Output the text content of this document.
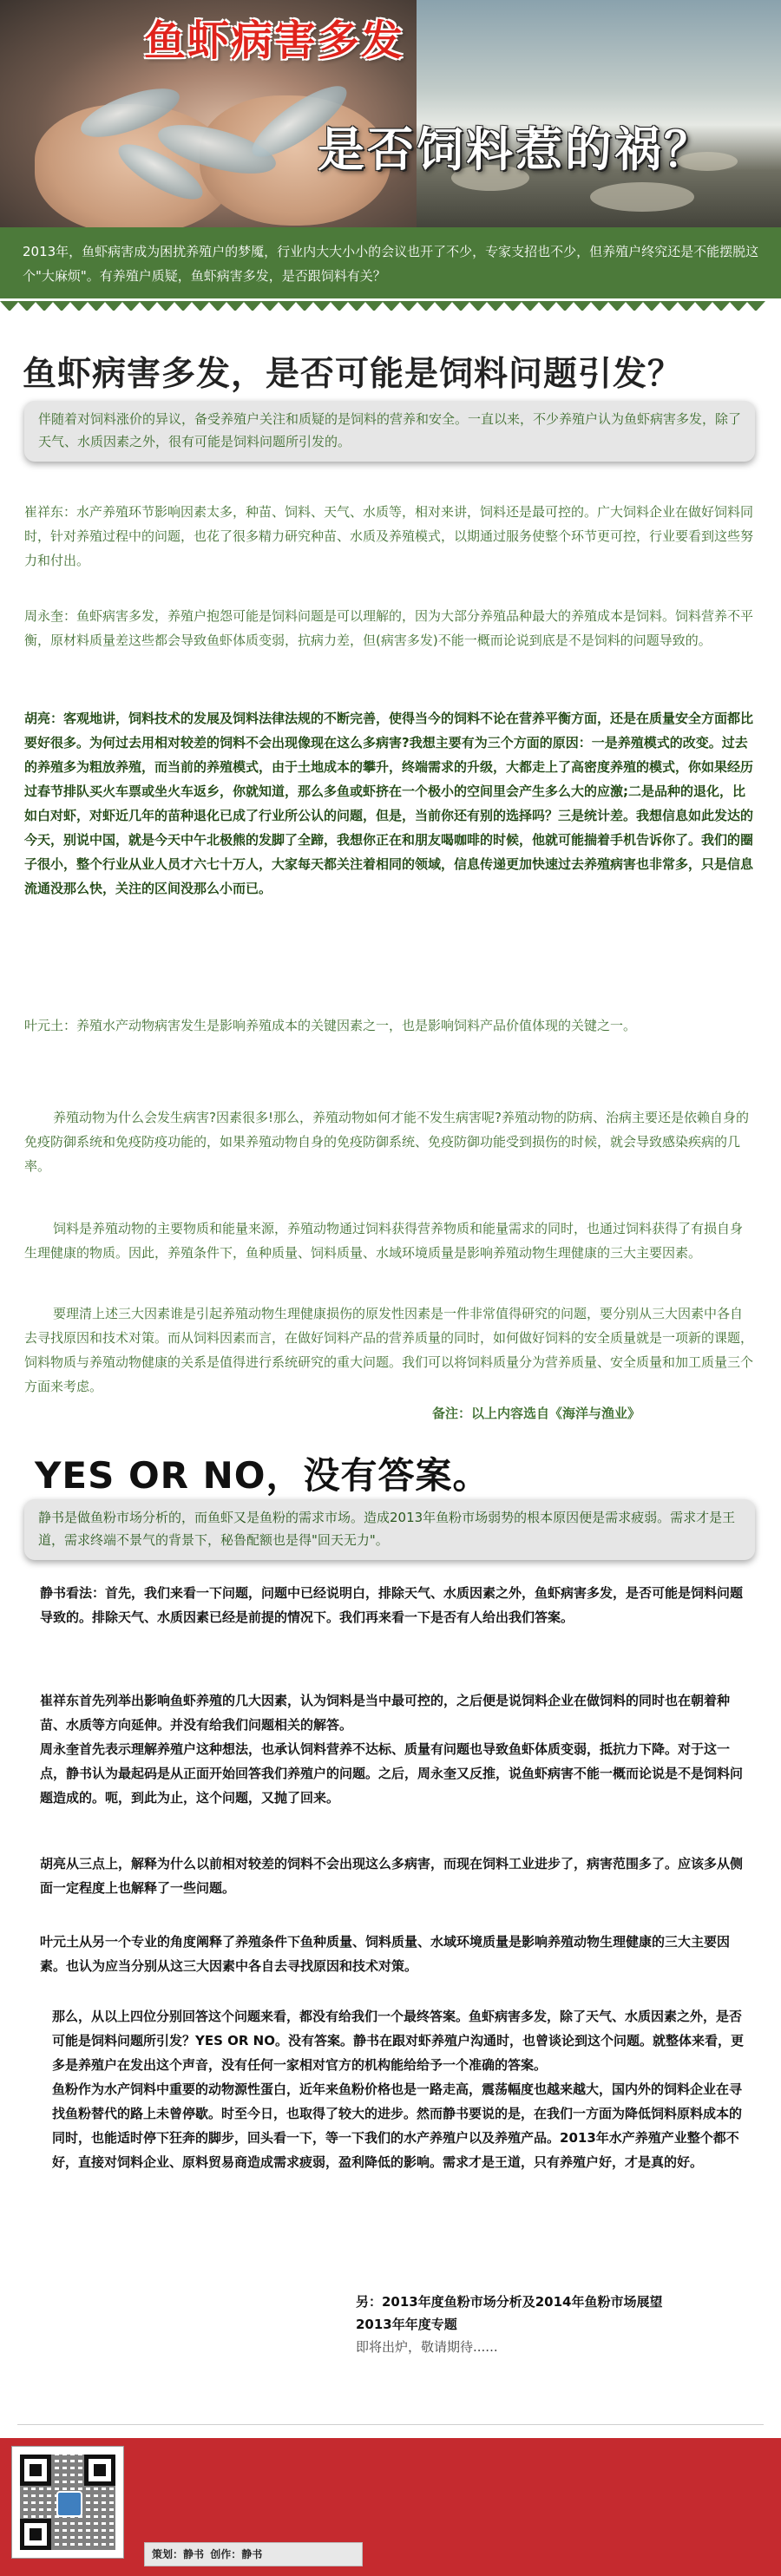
鱼虾病害多发
是否饲料惹的祸？

2013年，鱼虾病害成为困扰养殖户的梦魇，行业内大大小小的会议也开了不少，专家支招也不少，但养殖户终究还是不能摆脱这个"大麻烦"。有养殖户质疑，鱼虾病害多发，是否跟饲料有关？

鱼虾病害多发，是否可能是饲料问题引发？

伴随着对饲料涨价的异议，备受养殖户关注和质疑的是饲料的营养和安全。一直以来，不少养殖户认为鱼虾病害多发，除了天气、水质因素之外，很有可能是饲料问题所引发的。

崔祥东：水产养殖环节影响因素太多，种苗、饲料、天气、水质等，相对来讲，饲料还是最可控的。广大饲料企业在做好饲料同时，针对养殖过程中的问题，也花了很多精力研究种苗、水质及养殖模式，以期通过服务使整个环节更可控，行业要看到这些努力和付出。

周永奎：鱼虾病害多发，养殖户抱怨可能是饲料问题是可以理解的，因为大部分养殖品种最大的养殖成本是饲料。饲料营养不平衡，原材料质量差这些都会导致鱼虾体质变弱，抗病力差，但(病害多发)不能一概而论说到底是不是饲料的问题导致的。

胡亮：客观地讲，饲料技术的发展及饲料法律法规的不断完善，使得当今的饲料不论在营养平衡方面，还是在质量安全方面都比要好很多。为何过去用相对较差的饲料不会出现像现在这么多病害?我想主要有为三个方面的原因：一是养殖模式的改变。过去的养殖多为粗放养殖，而当前的养殖模式，由于土地成本的攀升，终端需求的升级，大都走上了高密度养殖的模式，你如果经历过春节排队买火车票或坐火车返乡，你就知道，那么多鱼或虾挤在一个极小的空间里会产生多么大的应激;二是品种的退化，比如白对虾，对虾近几年的苗种退化已成了行业所公认的问题，但是，当前你还有别的选择吗？三是统计差。我想信息如此发达的今天，别说中国，就是今天中午北极熊的发脚了全蹄，我想你正在和朋友喝咖啡的时候，他就可能揣着手机告诉你了。我们的圈子很小，整个行业从业人员才六七十万人，大家每天都关注着相同的领域，信息传递更加快速过去养殖病害也非常多，只是信息流通没那么快，关注的区间没那么小而已。

叶元土：养殖水产动物病害发生是影响养殖成本的关键因素之一，也是影响饲料产品价值体现的关键之一。

养殖动物为什么会发生病害?因素很多!那么，养殖动物如何才能不发生病害呢?养殖动物的防病、治病主要还是依赖自身的免疫防御系统和免疫防疫功能的，如果养殖动物自身的免疫防御系统、免疫防御功能受到损伤的时候，就会导致感染疾病的几率。

饲料是养殖动物的主要物质和能量来源，养殖动物通过饲料获得营养物质和能量需求的同时，也通过饲料获得了有损自身生理健康的物质。因此，养殖条件下，鱼种质量、饲料质量、水域环境质量是影响养殖动物生理健康的三大主要因素。

要理清上述三大因素谁是引起养殖动物生理健康损伤的原发性因素是一件非常值得研究的问题，要分别从三大因素中各自去寻找原因和技术对策。而从饲料因素而言，在做好饲料产品的营养质量的同时，如何做好饲料的安全质量就是一项新的课题，饲料物质与养殖动物健康的关系是值得进行系统研究的重大问题。我们可以将饲料质量分为营养质量、安全质量和加工质量三个方面来考虑。

备注：以上内容选自《海洋与渔业》

YES OR NO，没有答案。

静书是做鱼粉市场分析的，而鱼虾又是鱼粉的需求市场。造成2013年鱼粉市场弱势的根本原因便是需求疲弱。需求才是王道，需求终端不景气的背景下，秘鲁配额也是得"回天无力"。

静书看法：首先，我们来看一下问题，问题中已经说明白，排除天气、水质因素之外，鱼虾病害多发，是否可能是饲料问题导致的。排除天气、水质因素已经是前提的情况下。我们再来看一下是否有人给出我们答案。

崔祥东首先列举出影响鱼虾养殖的几大因素，认为饲料是当中最可控的，之后便是说饲料企业在做饲料的同时也在朝着种苗、水质等方向延伸。并没有给我们问题相关的解答。
周永奎首先表示理解养殖户这种想法，也承认饲料营养不达标、质量有问题也导致鱼虾体质变弱，抵抗力下降。对于这一点，静书认为最起码是从正面开始回答我们养殖户的问题。之后，周永奎又反推，说鱼虾病害不能一概而论说是不是饲料问题造成的。呃，到此为止，这个问题，又抛了回来。

胡亮从三点上，解释为什么以前相对较差的饲料不会出现这么多病害，而现在饲料工业进步了，病害范围多了。应该多从侧面一定程度上也解释了一些问题。

叶元土从另一个专业的角度阐释了养殖条件下鱼种质量、饲料质量、水域环境质量是影响养殖动物生理健康的三大主要因素。也认为应当分别从这三大因素中各自去寻找原因和技术对策。

那么，从以上四位分别回答这个问题来看，都没有给我们一个最终答案。鱼虾病害多发，除了天气、水质因素之外，是否可能是饲料问题所引发？YES OR NO。没有答案。静书在跟对虾养殖户沟通时，也曾谈论到这个问题。就整体来看，更多是养殖户在发出这个声音，没有任何一家相对官方的机构能给给予一个准确的答案。
鱼粉作为水产饲料中重要的动物源性蛋白，近年来鱼粉价格也是一路走高，震荡幅度也越来越大，国内外的饲料企业在寻找鱼粉替代的路上未曾停歇。时至今日，也取得了较大的进步。然而静书要说的是，在我们一方面为降低饲料原料成本的同时，也能适时停下狂奔的脚步，回头看一下，等一下我们的水产养殖户以及养殖产品。2013年水产养殖产业整个都不好，直接对饲料企业、原料贸易商造成需求疲弱，盈利降低的影响。需求才是王道，只有养殖户好，才是真的好。

另：2013年度鱼粉市场分析及2014年鱼粉市场展望

2013年年度专题

即将出炉，敬请期待......

策划：静书 创作：静书
